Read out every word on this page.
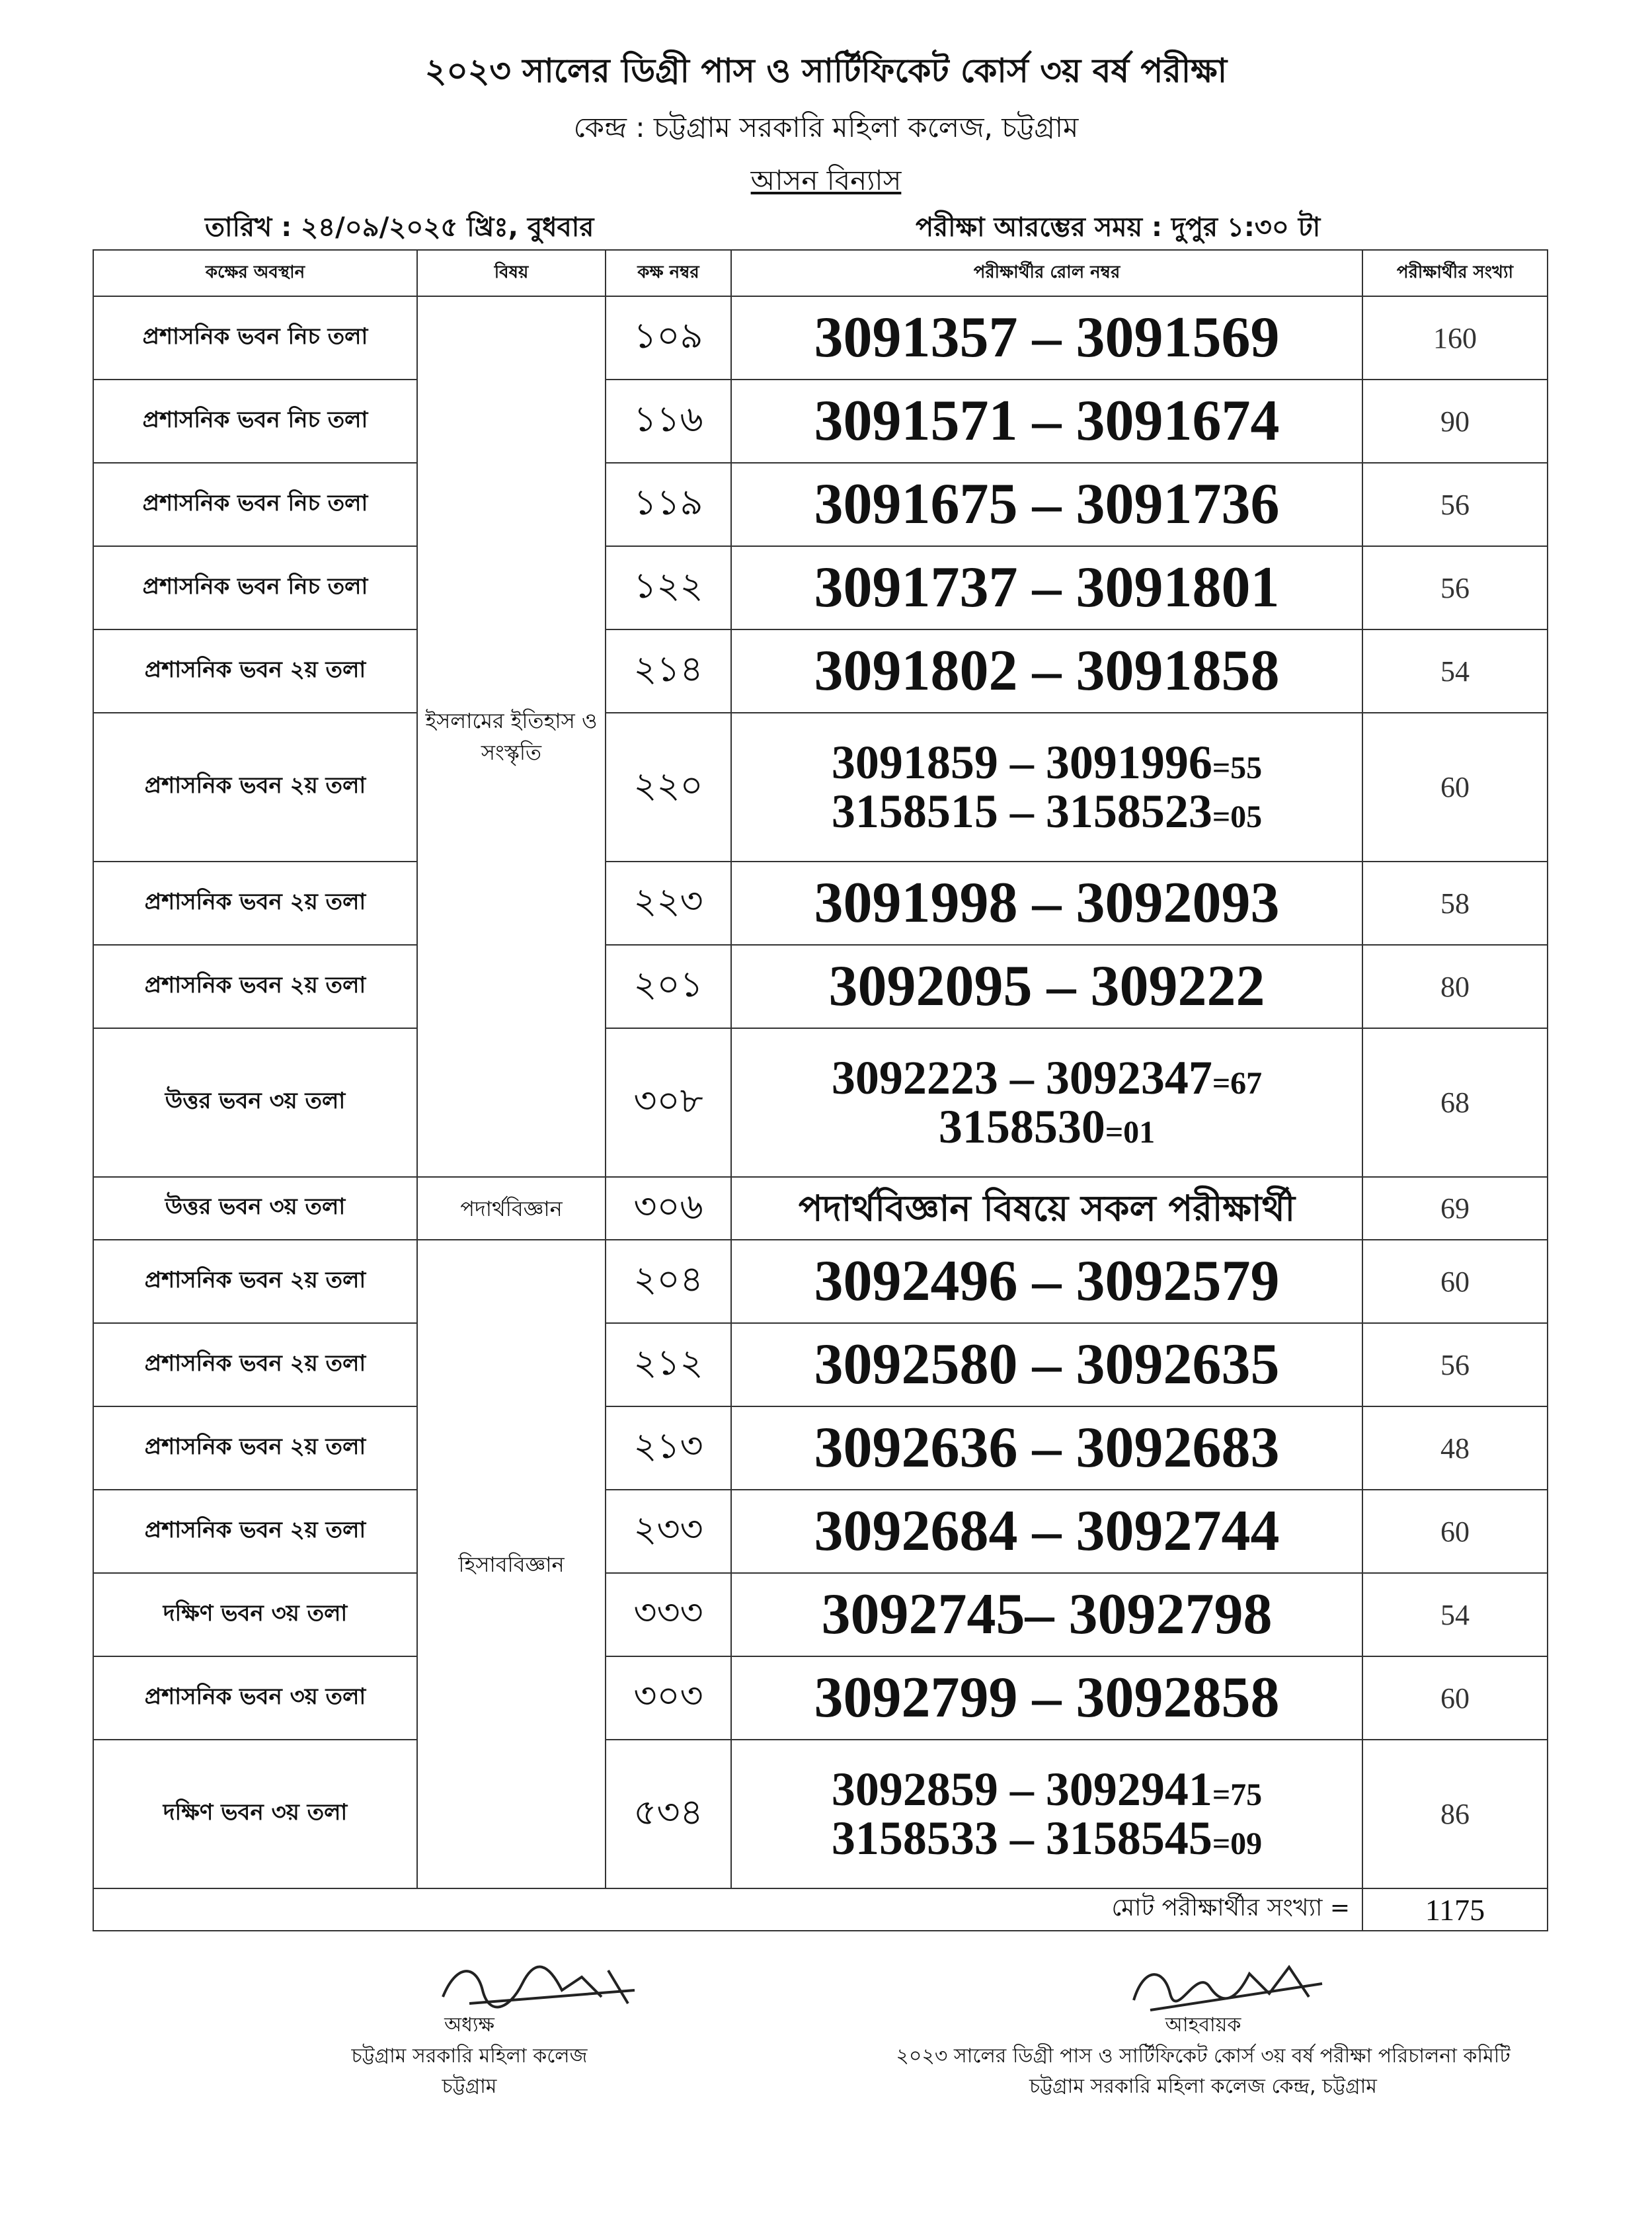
২০২৩ সালের ডিগ্রী পাস ও সার্টিফিকেট কোর্স ৩য় বর্ষ পরীক্ষা
কেন্দ্র : চট্টগ্রাম সরকারি মহিলা কলেজ, চট্টগ্রাম
আসন বিন্যাস
তারিখ : ২৪/০৯/২০২৫ খ্রিঃ, বুধবার	পরীক্ষা আরম্ভের সময় : দুপুর ১:৩০ টা
কক্ষের অবস্থান	বিষয়	কক্ষ নম্বর	পরীক্ষার্থীর রোল নম্বর	পরীক্ষার্থীর সংখ্যা
প্রশাসনিক ভবন নিচ তলা	ইসলামের ইতিহাস ও সংস্কৃতি	১০৯	3091357 – 3091569	160
প্রশাসনিক ভবন নিচ তলা		১১৬	3091571 – 3091674	90
প্রশাসনিক ভবন নিচ তলা		১১৯	3091675 – 3091736	56
প্রশাসনিক ভবন নিচ তলা		১২২	3091737 – 3091801	56
প্রশাসনিক ভবন ২য় তলা		২১৪	3091802 – 3091858	54
প্রশাসনিক ভবন ২য় তলা		২২০	3091859 – 3091996=55
3158515 – 3158523=05	60
প্রশাসনিক ভবন ২য় তলা		২২৩	3091998 – 3092093	58
প্রশাসনিক ভবন ২য় তলা		২০১	3092095 – 309222	80
উত্তর ভবন ৩য় তলা		৩০৮	3092223 – 3092347=67
3158530=01	68
উত্তর ভবন ৩য় তলা	পদার্থবিজ্ঞান	৩০৬	পদার্থবিজ্ঞান বিষয়ে সকল পরীক্ষার্থী	69
প্রশাসনিক ভবন ২য় তলা	হিসাববিজ্ঞান	২০৪	3092496 – 3092579	60
প্রশাসনিক ভবন ২য় তলা		২১২	3092580 – 3092635	56
প্রশাসনিক ভবন ২য় তলা		২১৩	3092636 – 3092683	48
প্রশাসনিক ভবন ২য় তলা		২৩৩	3092684 – 3092744	60
দক্ষিণ ভবন ৩য় তলা		৩৩৩	3092745– 3092798	54
প্রশাসনিক ভবন ৩য় তলা		৩০৩	3092799 – 3092858	60
দক্ষিণ ভবন ৩য় তলা		৫৩৪	3092859 – 3092941=75
3158533 – 3158545=09	86
মোট পরীক্ষার্থীর সংখ্যা =				1175
অধ্যক্ষ
চট্টগ্রাম সরকারি মহিলা কলেজ
চট্টগ্রাম
আহবায়ক
২০২৩ সালের ডিগ্রী পাস ও সার্টিফিকেট কোর্স ৩য় বর্ষ পরীক্ষা পরিচালনা কমিটি
চট্টগ্রাম সরকারি মহিলা কলেজ কেন্দ্র, চট্টগ্রাম
